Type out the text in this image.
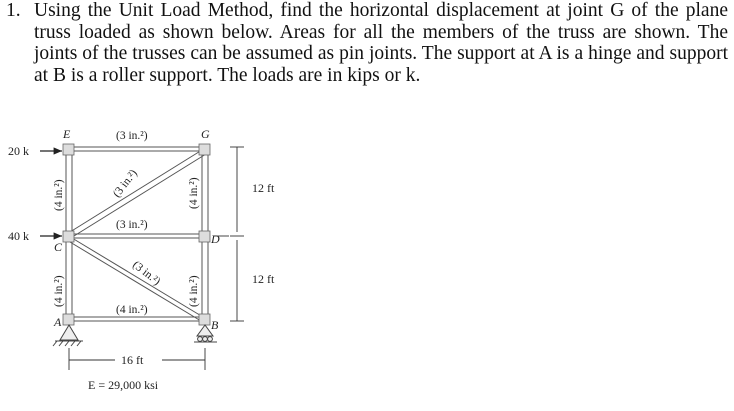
1. Using the Unit Load Method, find the horizontal displacement at joint G of the plane truss loaded as shown below. Areas for all the members of the truss are shown. The joints of the trusses can be assumed as pin joints. The support at A is a hinge and support at B is a roller support. The loads are in kips or k.
E	G
C
D
A	B
20 k
40 k
(3 in.²)
(3 in.²)
(4 in.²)
(3 in.²)
(3 in.²)
(4 in.²)
(4 in.²)
(4 in.²)
(4 in.²)
12 ft
12 ft
16 ft
E = 29,000 ksi
